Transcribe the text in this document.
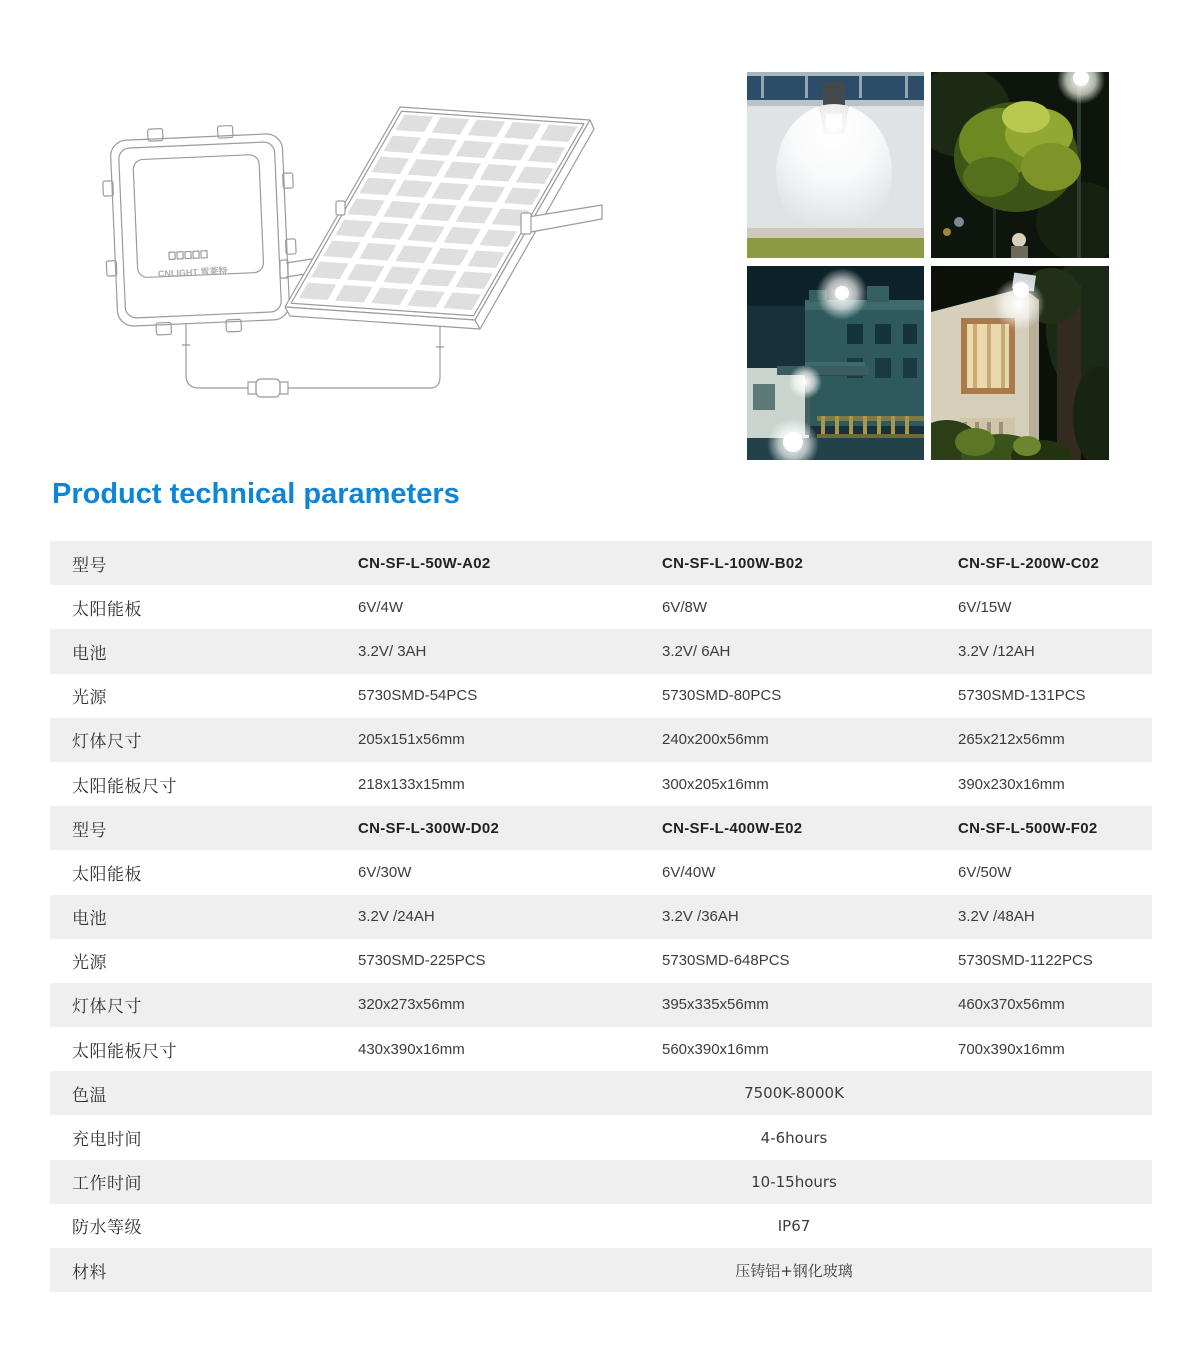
CNLIGHT 雪莱特
Product technical parameters
型号	CN-SF-L-50W-A02	CN-SF-L-100W-B02	CN-SF-L-200W-C02
太阳能板	6V/4W	6V/8W	6V/15W
电池	3.2V/ 3AH	3.2V/ 6AH	3.2V /12AH
光源	5730SMD-54PCS	5730SMD-80PCS	5730SMD-131PCS
灯体尺寸	205x151x56mm	240x200x56mm	265x212x56mm
太阳能板尺寸	218x133x15mm	300x205x16mm	390x230x16mm
型号	CN-SF-L-300W-D02	CN-SF-L-400W-E02	CN-SF-L-500W-F02
太阳能板	6V/30W	6V/40W	6V/50W
电池	3.2V /24AH	3.2V /36AH	3.2V /48AH
光源	5730SMD-225PCS	5730SMD-648PCS	5730SMD-1122PCS
灯体尺寸	320x273x56mm	395x335x56mm	460x370x56mm
太阳能板尺寸	430x390x16mm	560x390x16mm	700x390x16mm
色温	7500K-8000K
充电时间	4-6hours
工作时间	10-15hours
防水等级	IP67
材料	压铸铝+钢化玻璃
